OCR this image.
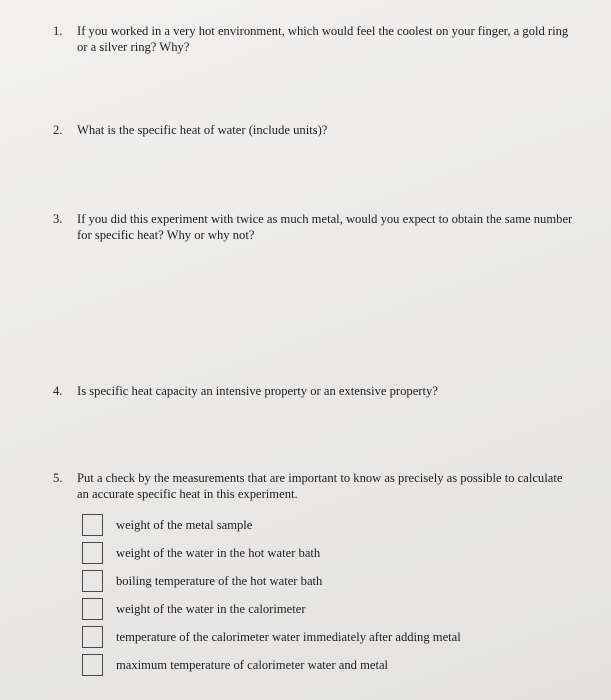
1. If you worked in a very hot environment, which would feel the coolest on your finger, a gold ring or a silver ring? Why?
2. What is the specific heat of water (include units)?
3. If you did this experiment with twice as much metal, would you expect to obtain the same number for specific heat? Why or why not?
4. Is specific heat capacity an intensive property or an extensive property?
5. Put a check by the measurements that are important to know as precisely as possible to calculate an accurate specific heat in this experiment.
weight of the metal sample
weight of the water in the hot water bath
boiling temperature of the hot water bath
weight of the water in the calorimeter
temperature of the calorimeter water immediately after adding metal
maximum temperature of calorimeter water and metal
